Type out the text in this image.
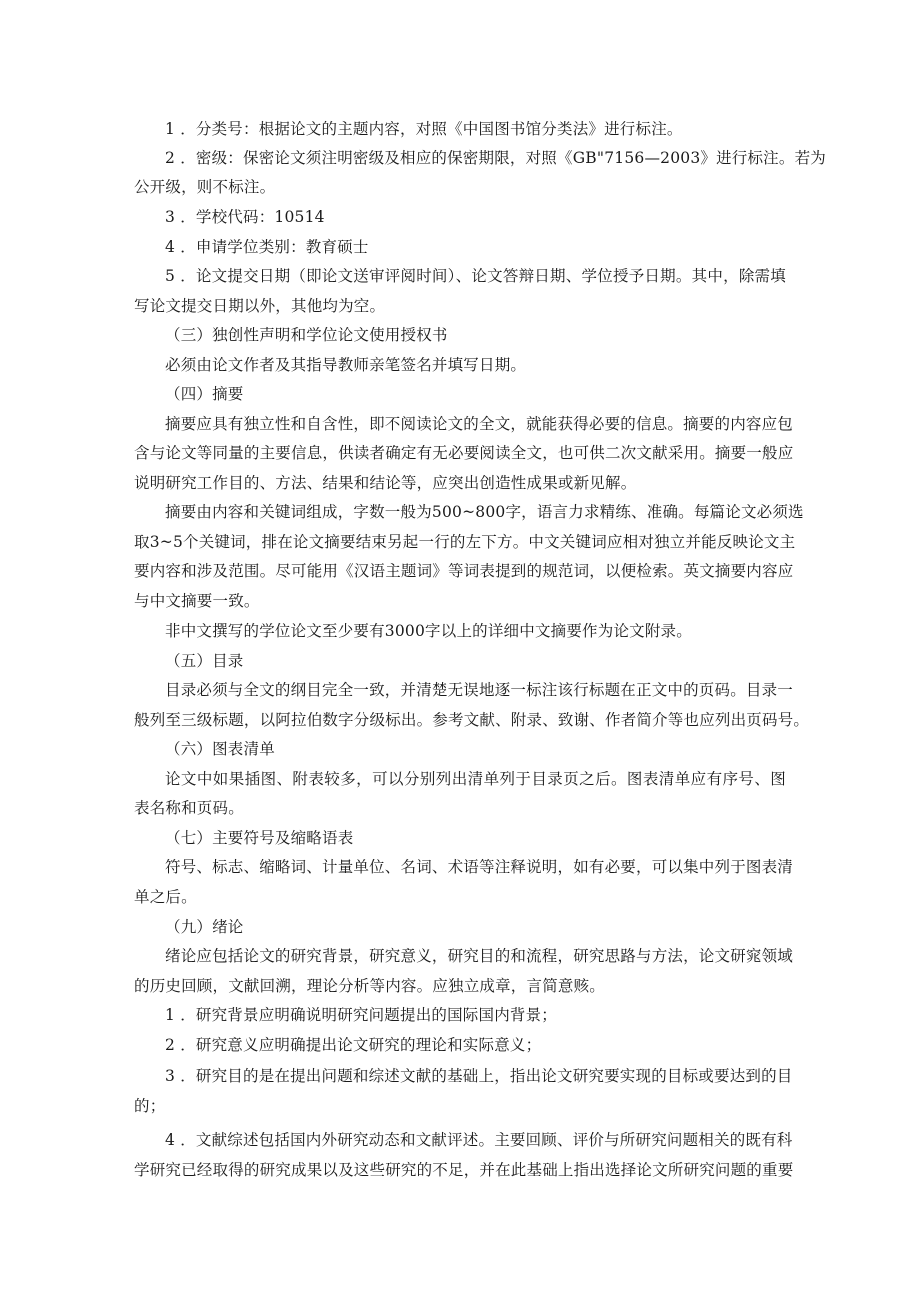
1 ．分类号：根据论文的主题内容，对照《中国图书馆分类法》进行标注。
2 ．密级：保密论文须注明密级及相应的保密期限，对照《GB"7156—2003》进行标注。若为
公开级，则不标注。
3 ．学校代码：10514
4 ．申请学位类别：教育硕士
5 ．论文提交日期（即论文送审评阅时间）、论文答辩日期、学位授予日期。其中，除需填
写论文提交日期以外，其他均为空。
（三）独创性声明和学位论文使用授权书
必须由论文作者及其指导教师亲笔签名并填写日期。
（四）摘要
摘要应具有独立性和自含性，即不阅读论文的全文，就能获得必要的信息。摘要的内容应包
含与论文等同量的主要信息，供读者确定有无必要阅读全文，也可供二次文献采用。摘要一般应
说明研究工作目的、方法、结果和结论等，应突出创造性成果或新见解。
摘要由内容和关键词组成，字数一般为500~800字，语言力求精练、准确。每篇论文必须选
取3~5个关键词，排在论文摘要结束另起一行的左下方。中文关键词应相对独立并能反映论文主
要内容和涉及范围。尽可能用《汉语主题词》等词表提到的规范词，以便检索。英文摘要内容应
与中文摘要一致。
非中文撰写的学位论文至少要有3000字以上的详细中文摘要作为论文附录。
（五）目录
目录必须与全文的纲目完全一致，并清楚无误地逐一标注该行标题在正文中的页码。目录一
般列至三级标题，以阿拉伯数字分级标出。参考文献、附录、致谢、作者简介等也应列出页码号。
（六）图表清单
论文中如果插图、附表较多，可以分别列出清单列于目录页之后。图表清单应有序号、图
表名称和页码。
（七）主要符号及缩略语表
符号、标志、缩略词、计量单位、名词、术语等注释说明，如有必要，可以集中列于图表清
单之后。
（九）绪论
绪论应包括论文的研究背景，研究意义，研究目的和流程，研究思路与方法，论文研窕领域
的历史回顾，文献回溯，理论分析等内容。应独立成章，言简意赅。
1 ．研究背景应明确说明研究问题提出的国际国内背景；
2 ．研究意义应明确提出论文研究的理论和实际意义；
3 ．研究目的是在提出问题和综述文献的基础上，指出论文研究要实现的目标或要达到的目
的；
4 ．文献综述包括国内外研究动态和文献评述。主要回顾、评价与所研究问题相关的既有科
学研究已经取得的研究成果以及这些研究的不足，并在此基础上指出选择论文所研究问题的重要
